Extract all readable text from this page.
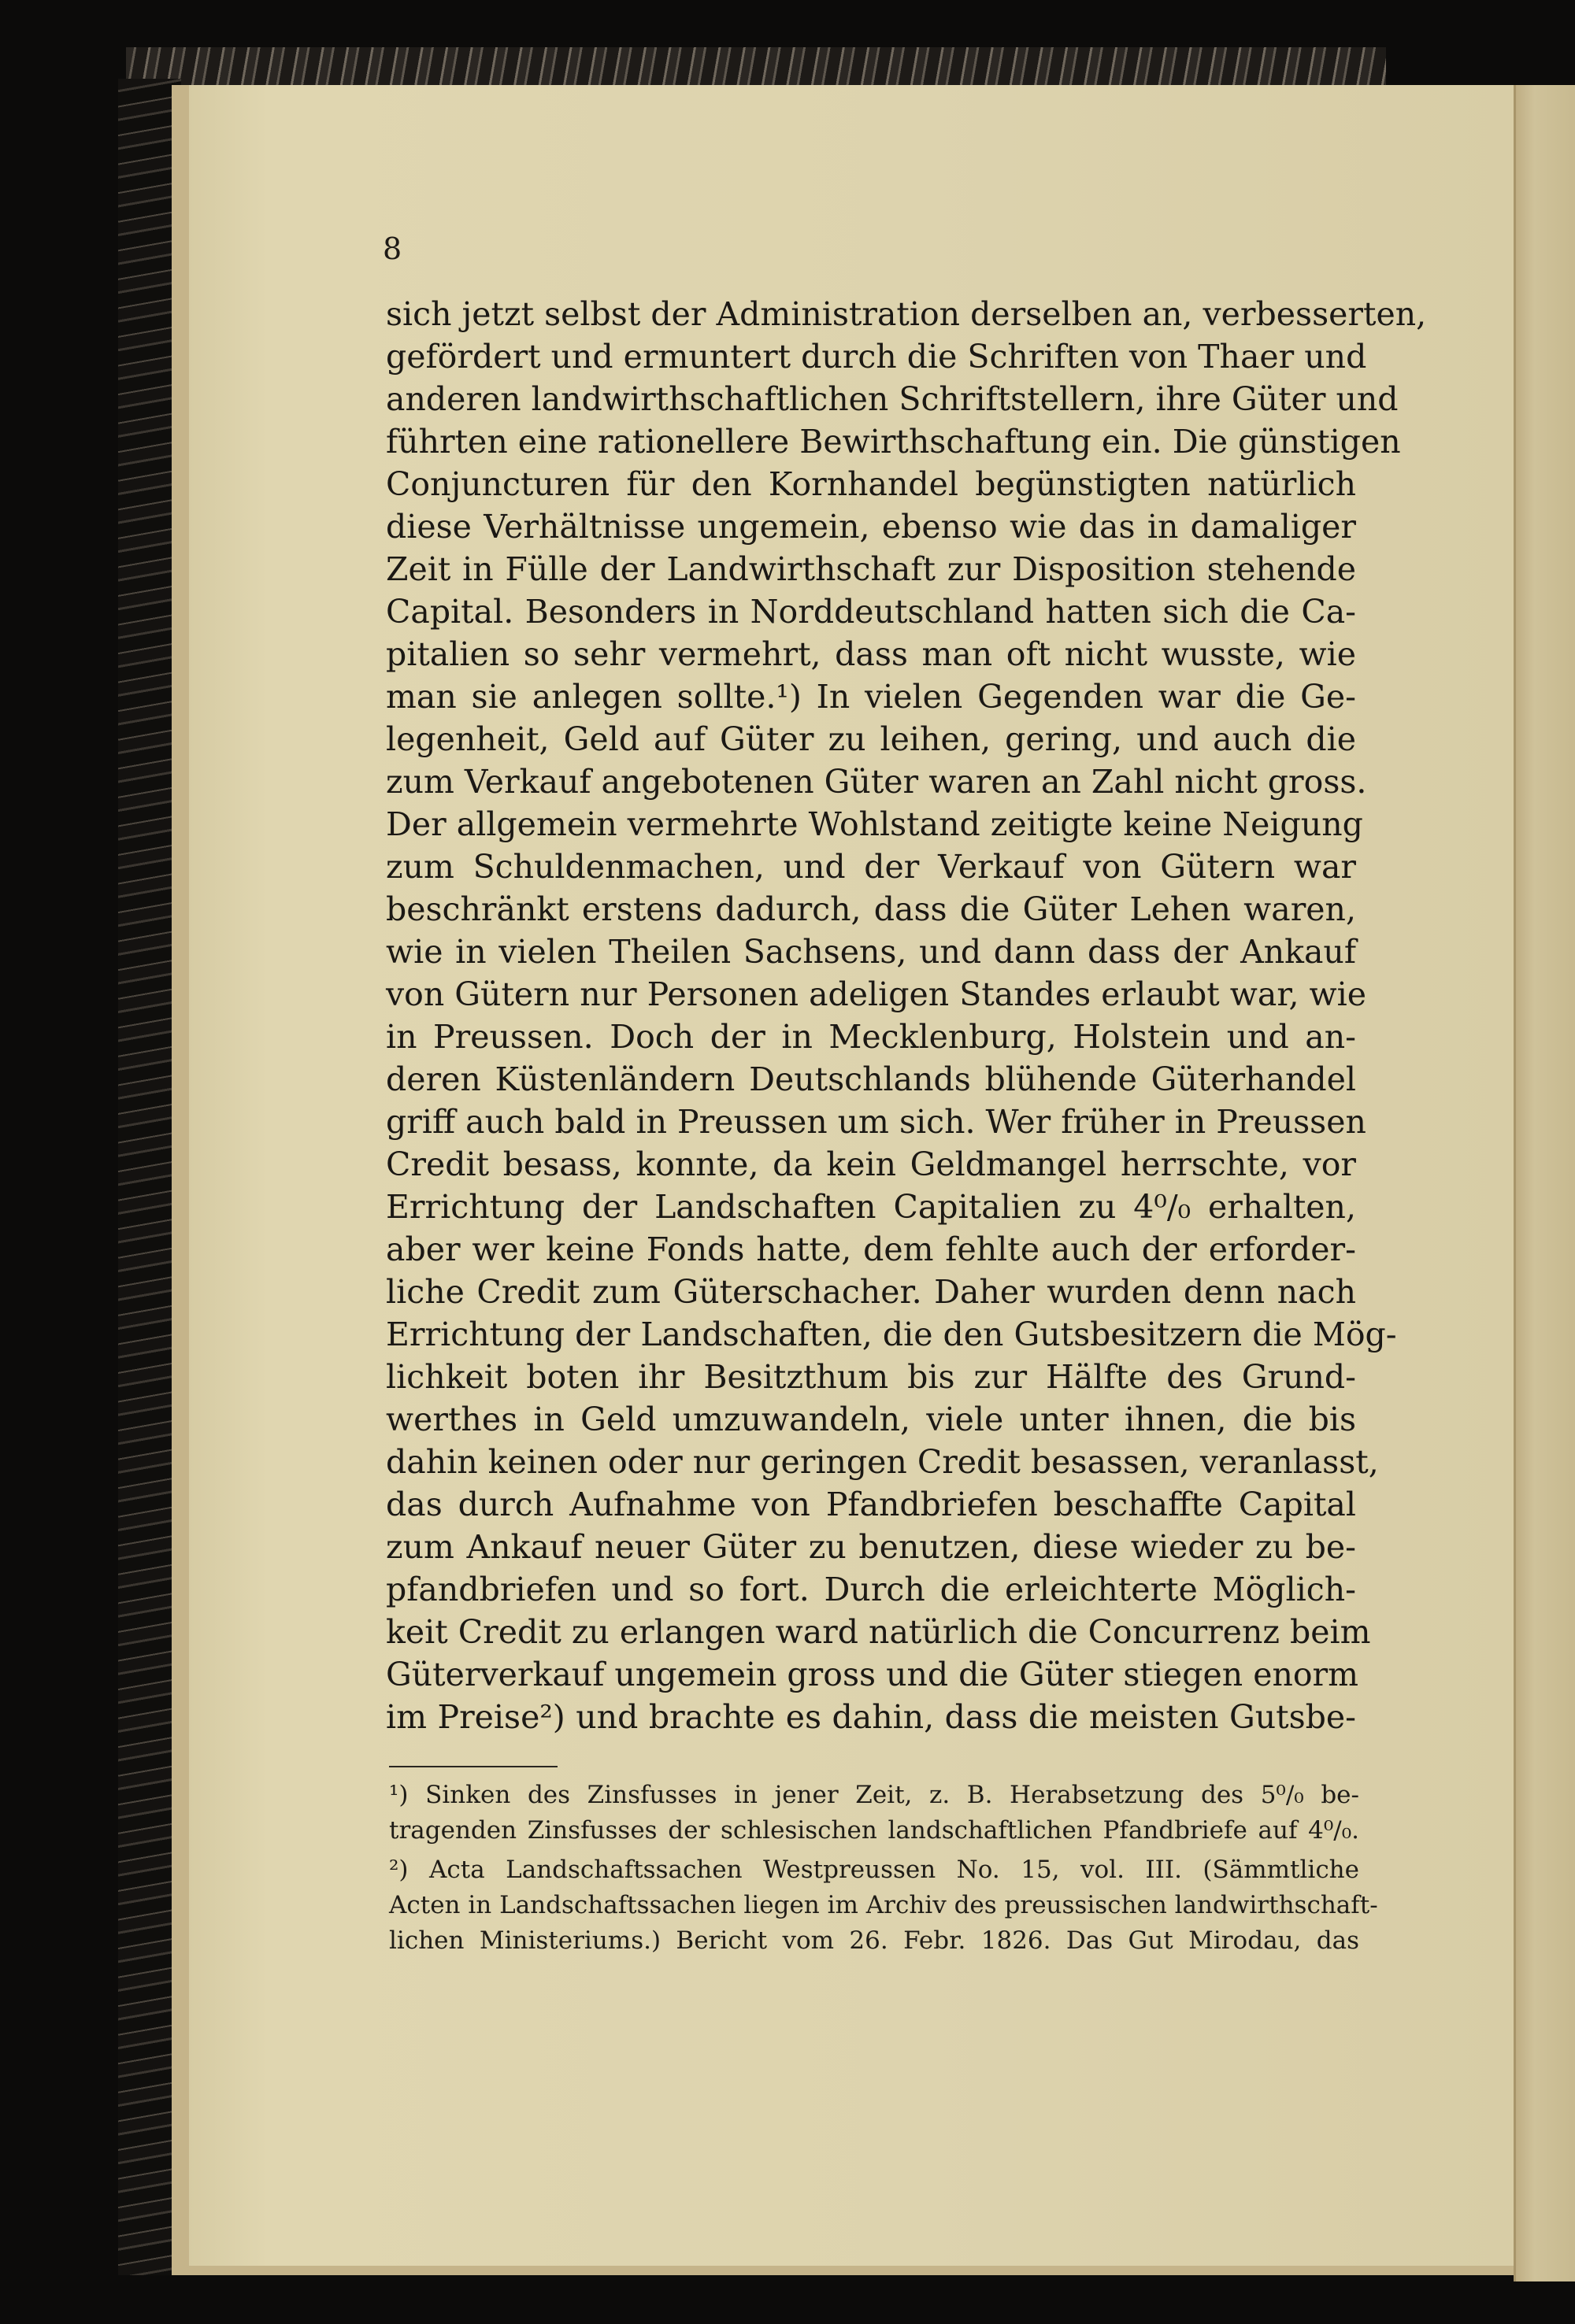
8

sich jetzt selbst der Administration derselben an, verbesserten,
gefördert und ermuntert durch die Schriften von Thaer und
anderen landwirthschaftlichen Schriftstellern, ihre Güter und
führten eine rationellere Bewirthschaftung ein. Die günstigen
Conjuncturen für den Kornhandel begünstigten natürlich
diese Verhältnisse ungemein, ebenso wie das in damaliger
Zeit in Fülle der Landwirthschaft zur Disposition stehende
Capital. Besonders in Norddeutschland hatten sich die Ca-
pitalien so sehr vermehrt, dass man oft nicht wusste, wie
man sie anlegen sollte.¹) In vielen Gegenden war die Ge-
legenheit, Geld auf Güter zu leihen, gering, und auch die
zum Verkauf angebotenen Güter waren an Zahl nicht gross.
Der allgemein vermehrte Wohlstand zeitigte keine Neigung
zum Schuldenmachen, und der Verkauf von Gütern war
beschränkt erstens dadurch, dass die Güter Lehen waren,
wie in vielen Theilen Sachsens, und dann dass der Ankauf
von Gütern nur Personen adeligen Standes erlaubt war, wie
in Preussen. Doch der in Mecklenburg, Holstein und an-
deren Küstenländern Deutschlands blühende Güterhandel
griff auch bald in Preussen um sich. Wer früher in Preussen
Credit besass, konnte, da kein Geldmangel herrschte, vor
Errichtung der Landschaften Capitalien zu 4⁰/₀ erhalten,
aber wer keine Fonds hatte, dem fehlte auch der erforder-
liche Credit zum Güterschacher. Daher wurden denn nach
Errichtung der Landschaften, die den Gutsbesitzern die Mög-
lichkeit boten ihr Besitzthum bis zur Hälfte des Grund-
werthes in Geld umzuwandeln, viele unter ihnen, die bis
dahin keinen oder nur geringen Credit besassen, veranlasst,
das durch Aufnahme von Pfandbriefen beschaffte Capital
zum Ankauf neuer Güter zu benutzen, diese wieder zu be-
pfandbriefen und so fort. Durch die erleichterte Möglich-
keit Credit zu erlangen ward natürlich die Concurrenz beim
Güterverkauf ungemein gross und die Güter stiegen enorm
im Preise²) und brachte es dahin, dass die meisten Gutsbe-
¹) Sinken des Zinsfusses in jener Zeit, z. B. Herabsetzung des 5⁰/₀ be-
tragenden Zinsfusses der schlesischen landschaftlichen Pfandbriefe auf 4⁰/₀.
²) Acta Landschaftssachen Westpreussen No. 15, vol. III. (Sämmtliche
Acten in Landschaftssachen liegen im Archiv des preussischen landwirthschaft-
lichen Ministeriums.) Bericht vom 26. Febr. 1826. Das Gut Mirodau, das
